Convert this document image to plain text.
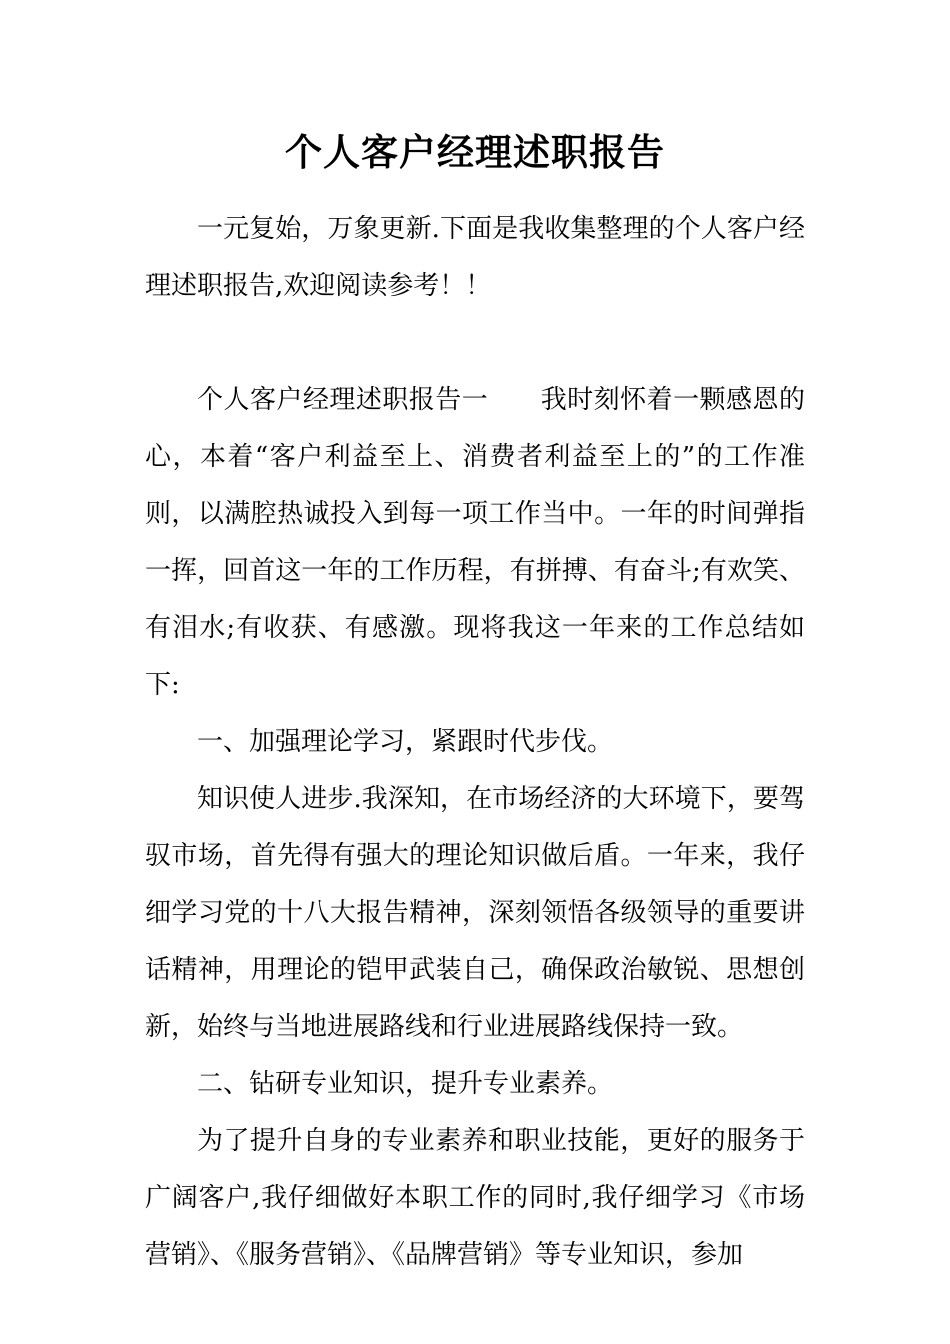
个人客户经理述职报告

一元复始，万象更新.下面是我收集整理的个人客户经理述职报告,欢迎阅读参考！！

个人客户经理述职报告一 我时刻怀着一颗感恩的心，本着“客户利益至上、消费者利益至上的”的工作准则，以满腔热诚投入到每一项工作当中。一年的时间弹指一挥，回首这一年的工作历程，有拼搏、有奋斗;有欢笑、有泪水;有收获、有感激。现将我这一年来的工作总结如下:

一、加强理论学习，紧跟时代步伐。

知识使人进步.我深知，在市场经济的大环境下，要驾驭市场，首先得有强大的理论知识做后盾。一年来，我仔细学习党的十八大报告精神，深刻领悟各级领导的重要讲话精神，用理论的铠甲武装自己，确保政治敏锐、思想创新，始终与当地进展路线和行业进展路线保持一致。

二、钻研专业知识，提升专业素养。

为了提升自身的专业素养和职业技能，更好的服务于广阔客户,我仔细做好本职工作的同时,我仔细学习《市场营销》、《服务营销》、《品牌营销》等专业知识，参加
